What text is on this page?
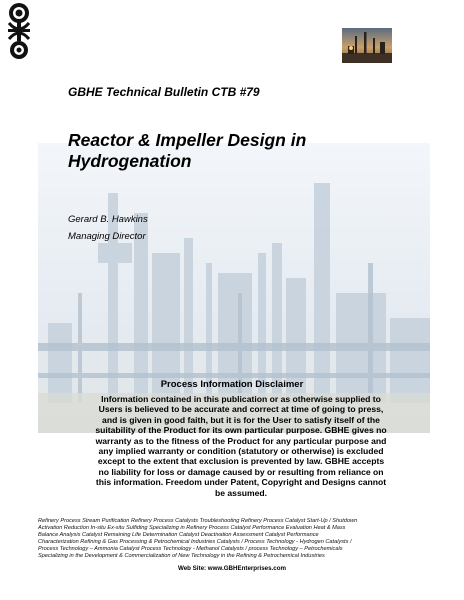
GBHE Technical Bulletin CTB #79
Reactor & Impeller Design in
Hydrogenation
Gerard B. Hawkins
Managing Director
Process Information Disclaimer
Information contained in this publication or as otherwise supplied to
Users is believed to be accurate and correct at time of going to press,
and is given in good faith, but it is for the User to satisfy itself of the
suitability of the Product for its own particular purpose. GBHE gives no
warranty as to the fitness of the Product for any particular purpose and
any implied warranty or condition (statutory or otherwise) is excluded
except to the extent that exclusion is prevented by law. GBHE accepts
no liability for loss or damage caused by or resulting from reliance on
this information. Freedom under Patent, Copyright and Designs cannot
be assumed.
Refinery Process Stream Purification Refinery Process Catalysts Troubleshooting Refinery Process Catalyst Start-Up / Shutdown
Activation Reduction In-situ Ex-situ Sulfiding Specializing in Refinery Process Catalyst Performance Evaluation Heat & Mass
Balance Analysis Catalyst Remaining Life Determination Catalyst Deactivation Assessment Catalyst Performance
Characterization Refining & Gas Processing & Petrochemical Industries Catalysts / Process Technology - Hydrogen Catalysts /
Process Technology – Ammonia Catalyst Process Technology - Methanol Catalysts / process Technology – Petrochemicals
Specializing in the Development & Commercialization of New Technology in the Refining & Petrochemical Industries
Web Site: www.GBHEnterprises.com
